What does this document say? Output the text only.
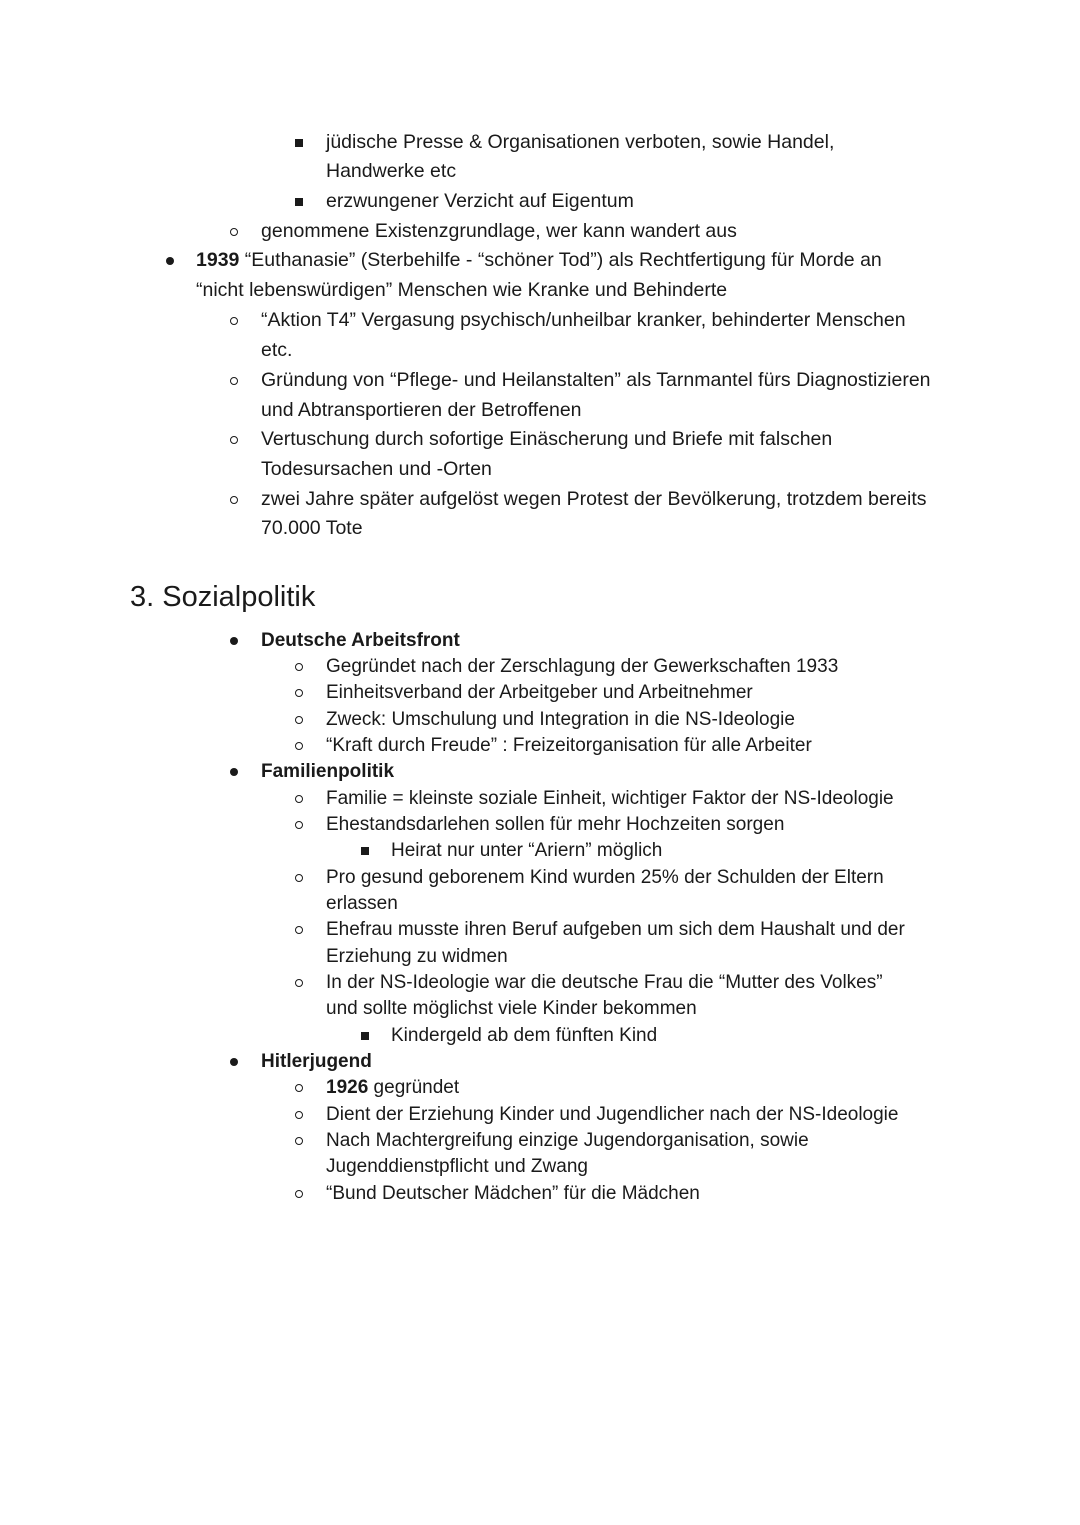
jüdische Presse & Organisationen verboten, sowie Handel,
Handwerke etc
erzwungener Verzicht auf Eigentum
genommene Existenzgrundlage, wer kann wandert aus
1939 “Euthanasie” (Sterbehilfe - “schöner Tod”) als Rechtfertigung für Morde an
“nicht lebenswürdigen” Menschen wie Kranke und Behinderte
“Aktion T4” Vergasung psychisch/unheilbar kranker, behinderter Menschen
etc.
Gründung von “Pflege- und Heilanstalten” als Tarnmantel fürs Diagnostizieren
und Abtransportieren der Betroffenen
Vertuschung durch sofortige Einäscherung und Briefe mit falschen
Todesursachen und -Orten
zwei Jahre später aufgelöst wegen Protest der Bevölkerung, trotzdem bereits
70.000 Tote
3. Sozialpolitik
Deutsche Arbeitsfront
Gegründet nach der Zerschlagung der Gewerkschaften 1933
Einheitsverband der Arbeitgeber und Arbeitnehmer
Zweck: Umschulung und Integration in die NS-Ideologie
“Kraft durch Freude” : Freizeitorganisation für alle Arbeiter
Familienpolitik
Familie = kleinste soziale Einheit, wichtiger Faktor der NS-Ideologie
Ehestandsdarlehen sollen für mehr Hochzeiten sorgen
Heirat nur unter “Ariern” möglich
Pro gesund geborenem Kind wurden 25% der Schulden der Eltern
erlassen
Ehefrau musste ihren Beruf aufgeben um sich dem Haushalt und der
Erziehung zu widmen
In der NS-Ideologie war die deutsche Frau die “Mutter des Volkes”
und sollte möglichst viele Kinder bekommen
Kindergeld ab dem fünften Kind
Hitlerjugend
1926 gegründet
Dient der Erziehung Kinder und Jugendlicher nach der NS-Ideologie
Nach Machtergreifung einzige Jugendorganisation, sowie
Jugenddienstpflicht und Zwang
“Bund Deutscher Mädchen” für die Mädchen
